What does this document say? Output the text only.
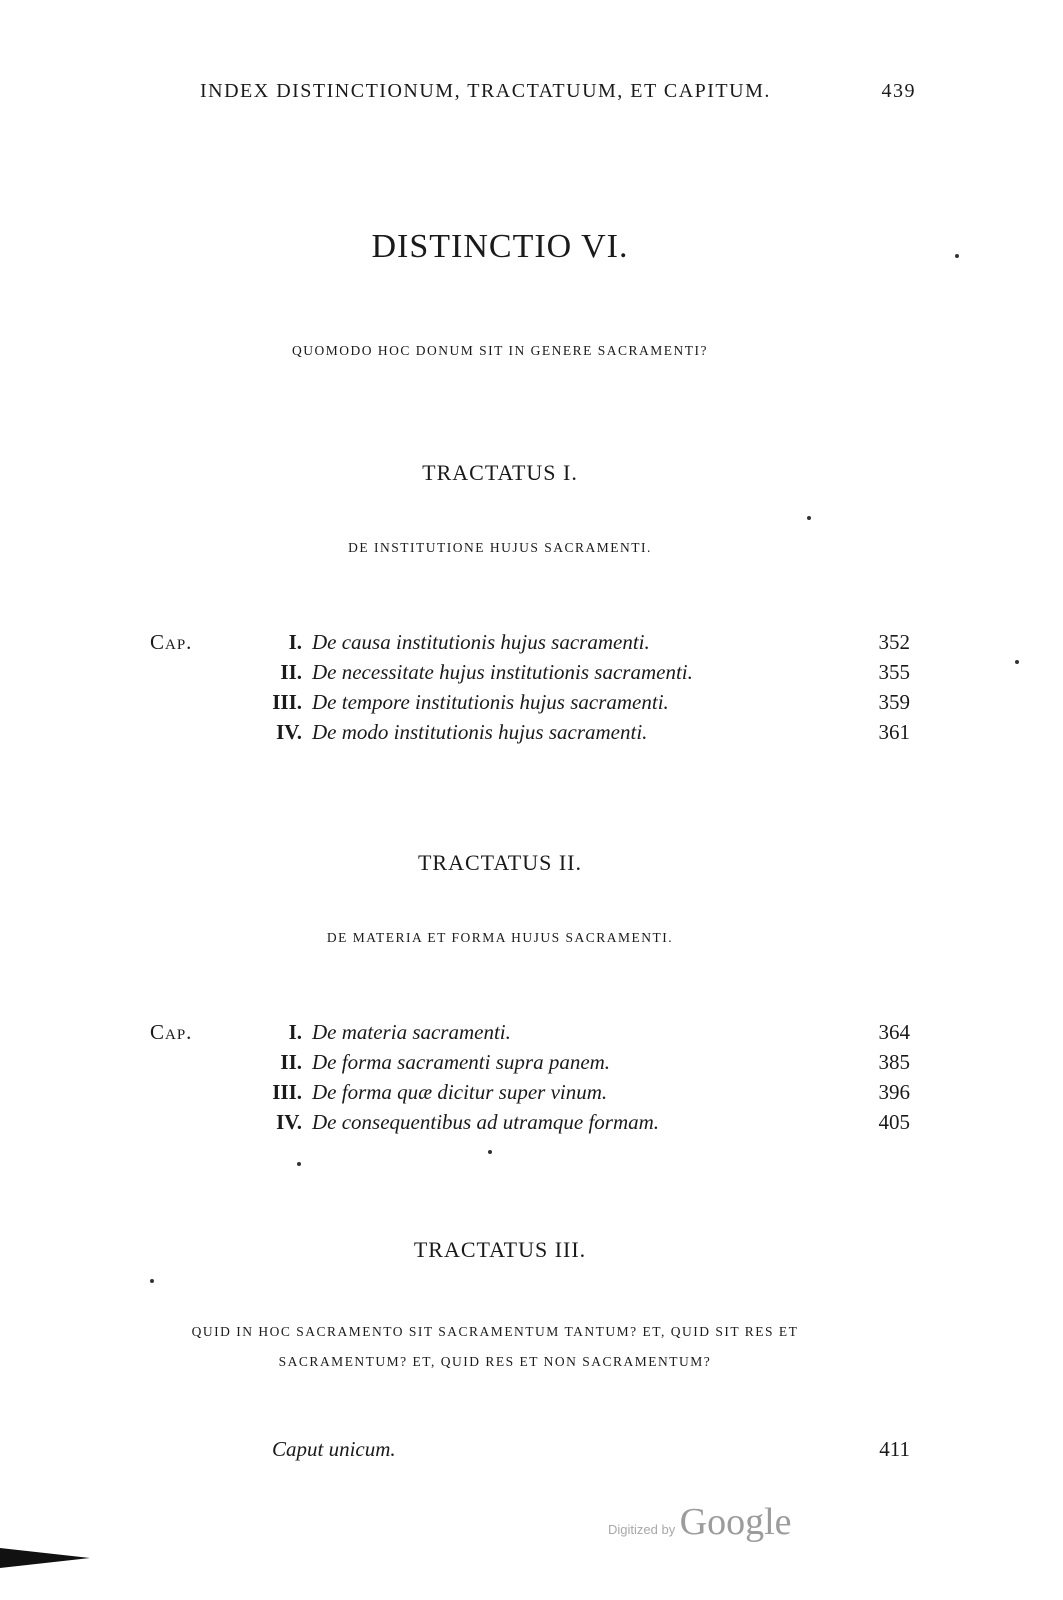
INDEX DISTINCTIONUM, TRACTATUUM, ET CAPITUM.	439
DISTINCTIO VI.
QUOMODO HOC DONUM SIT IN GENERE SACRAMENTI?
TRACTATUS I.
DE INSTITUTIONE HUJUS SACRAMENTI.
Cap.	I. De causa institutionis hujus sacramenti.	352
II. De necessitate hujus institutionis sacramenti.	355
III. De tempore institutionis hujus sacramenti.	359
IV. De modo institutionis hujus sacramenti.	361
TRACTATUS II.
DE MATERIA ET FORMA HUJUS SACRAMENTI.
Cap.	I. De materia sacramenti.	364
II. De forma sacramenti supra panem.	385
III. De forma quæ dicitur super vinum.	396
IV. De consequentibus ad utramque formam.	405
TRACTATUS III.
QUID IN HOC SACRAMENTO SIT SACRAMENTUM TANTUM? ET, QUID SIT RES ET
SACRAMENTUM? ET, QUID RES ET NON SACRAMENTUM?
Caput unicum.	411
Digitized by Google
